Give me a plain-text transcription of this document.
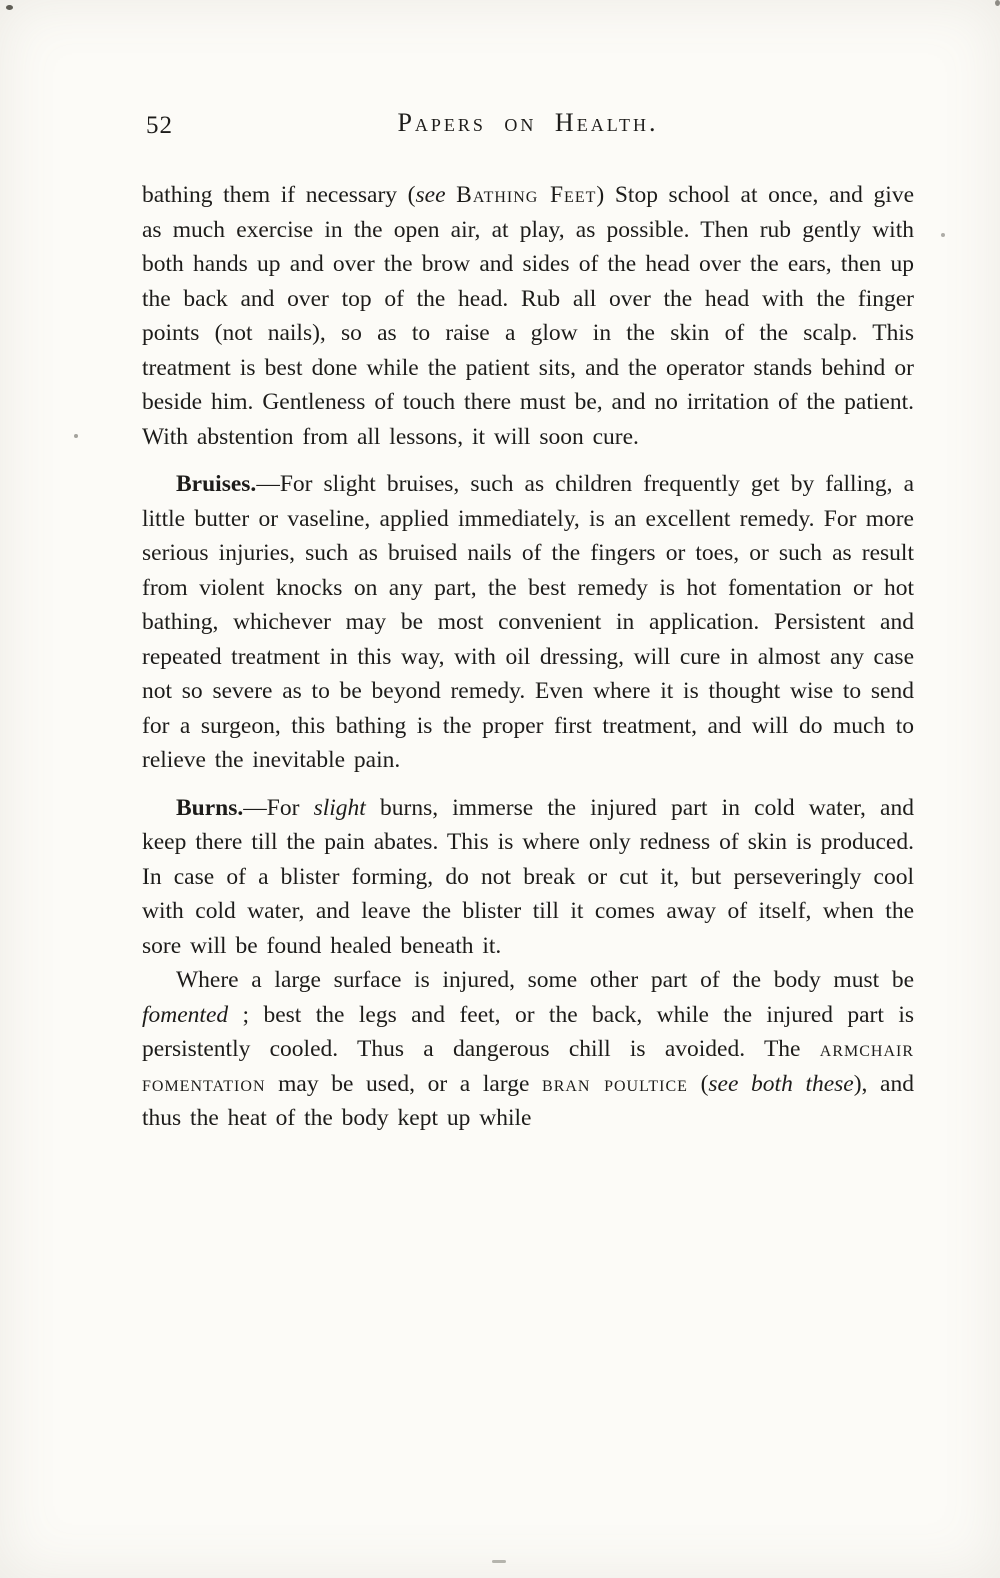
52	Papers on Health.

bathing them if necessary (see Bathing Feet) Stop school at once, and give as much exercise in the open air, at play, as possible. Then rub gently with both hands up and over the brow and sides of the head over the ears, then up the back and over top of the head. Rub all over the head with the finger points (not nails), so as to raise a glow in the skin of the scalp. This treatment is best done while the patient sits, and the operator stands behind or beside him. Gentleness of touch there must be, and no irritation of the patient. With abstention from all lessons, it will soon cure.

Bruises.—For slight bruises, such as children frequently get by falling, a little butter or vaseline, applied immediately, is an excellent remedy. For more serious injuries, such as bruised nails of the fingers or toes, or such as result from violent knocks on any part, the best remedy is hot fomentation or hot bathing, whichever may be most convenient in application. Persistent and repeated treatment in this way, with oil dressing, will cure in almost any case not so severe as to be beyond remedy. Even where it is thought wise to send for a surgeon, this bathing is the proper first treatment, and will do much to relieve the inevitable pain.

Burns.—For slight burns, immerse the injured part in cold water, and keep there till the pain abates. This is where only redness of skin is produced. In case of a blister forming, do not break or cut it, but perseveringly cool with cold water, and leave the blister till it comes away of itself, when the sore will be found healed beneath it.

Where a large surface is injured, some other part of the body must be fomented ; best the legs and feet, or the back, while the injured part is persistently cooled. Thus a dangerous chill is avoided. The armchair fomentation may be used, or a large bran poultice (see both these), and thus the heat of the body kept up while
